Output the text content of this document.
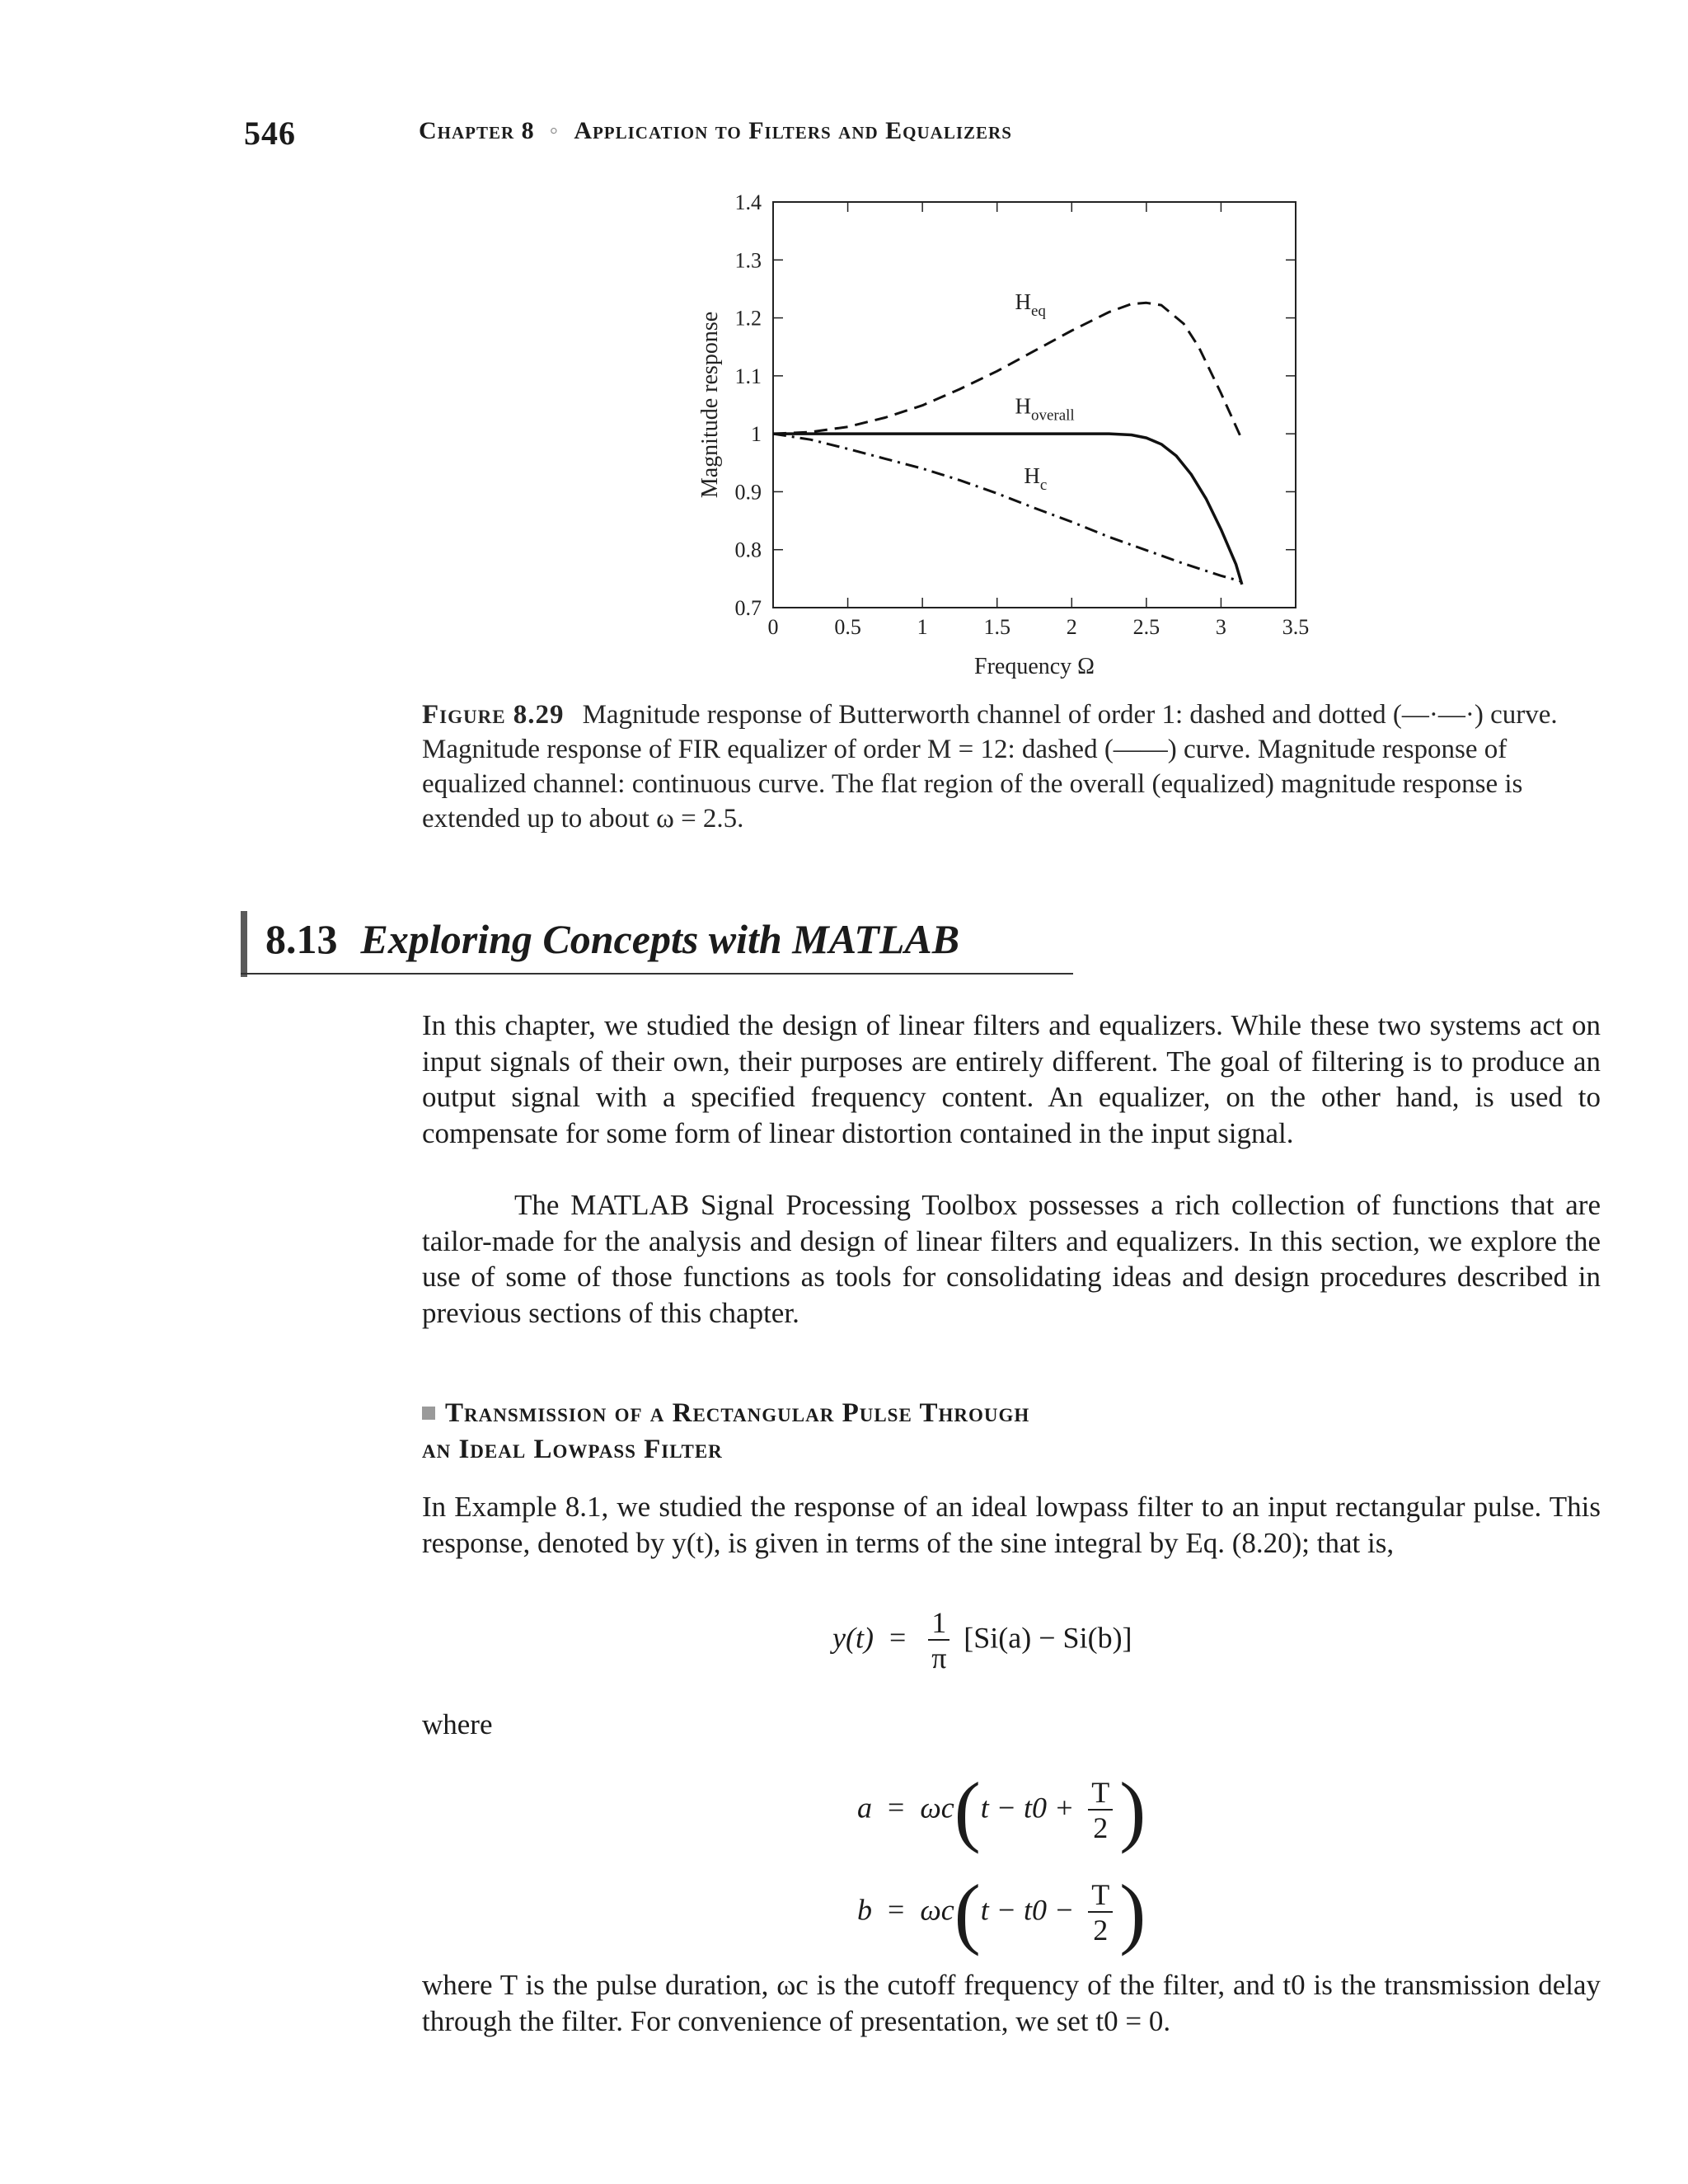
546	Chapter 8 ◦ Application to Filters and Equalizers
0	0.5	1	1.5	2	2.5	3	3.5
0.7
0.8
0.9
1
1.1
1.2
1.3
1.4
Frequency Ω
Magnitude response
$H_{eq}$
$H_{overall}$
$H_c$
Figure 8.29 Magnitude response of Butterworth channel of order 1: dashed and dotted (—·—·) curve. Magnitude response of FIR equalizer of order M = 12: dashed (——) curve. Magnitude response of equalized channel: continuous curve. The flat region of the overall (equalized) magnitude response is extended up to about ω = 2.5.
8.13 Exploring Concepts with MATLAB
In this chapter, we studied the design of linear filters and equalizers. While these two systems act on input signals of their own, their purposes are entirely different. The goal of filtering is to produce an output signal with a specified frequency content. An equalizer, on the other hand, is used to compensate for some form of linear distortion contained in the input signal.
The MATLAB Signal Processing Toolbox possesses a rich collection of functions that are tailor-made for the analysis and design of linear filters and equalizers. In this section, we explore the use of some of those functions as tools for consolidating ideas and design procedures described in previous sections of this chapter.
Transmission of a Rectangular Pulse Through
an Ideal Lowpass Filter
In Example 8.1, we studied the response of an ideal lowpass filter to an input rectangular pulse. This response, denoted by y(t), is given in terms of the sine integral by Eq. (8.20); that is,
$y(t) = \frac{1}{\pi} [Si(a) - Si(b)]$
where
$a = \omega c(t - t0 + \frac{T}{2}$ )
$b = \omega c(t - t0 - \frac{T}{2}$ )
where T is the pulse duration, ωc is the cutoff frequency of the filter, and t0 is the transmission delay through the filter. For convenience of presentation, we set t0 = 0.
